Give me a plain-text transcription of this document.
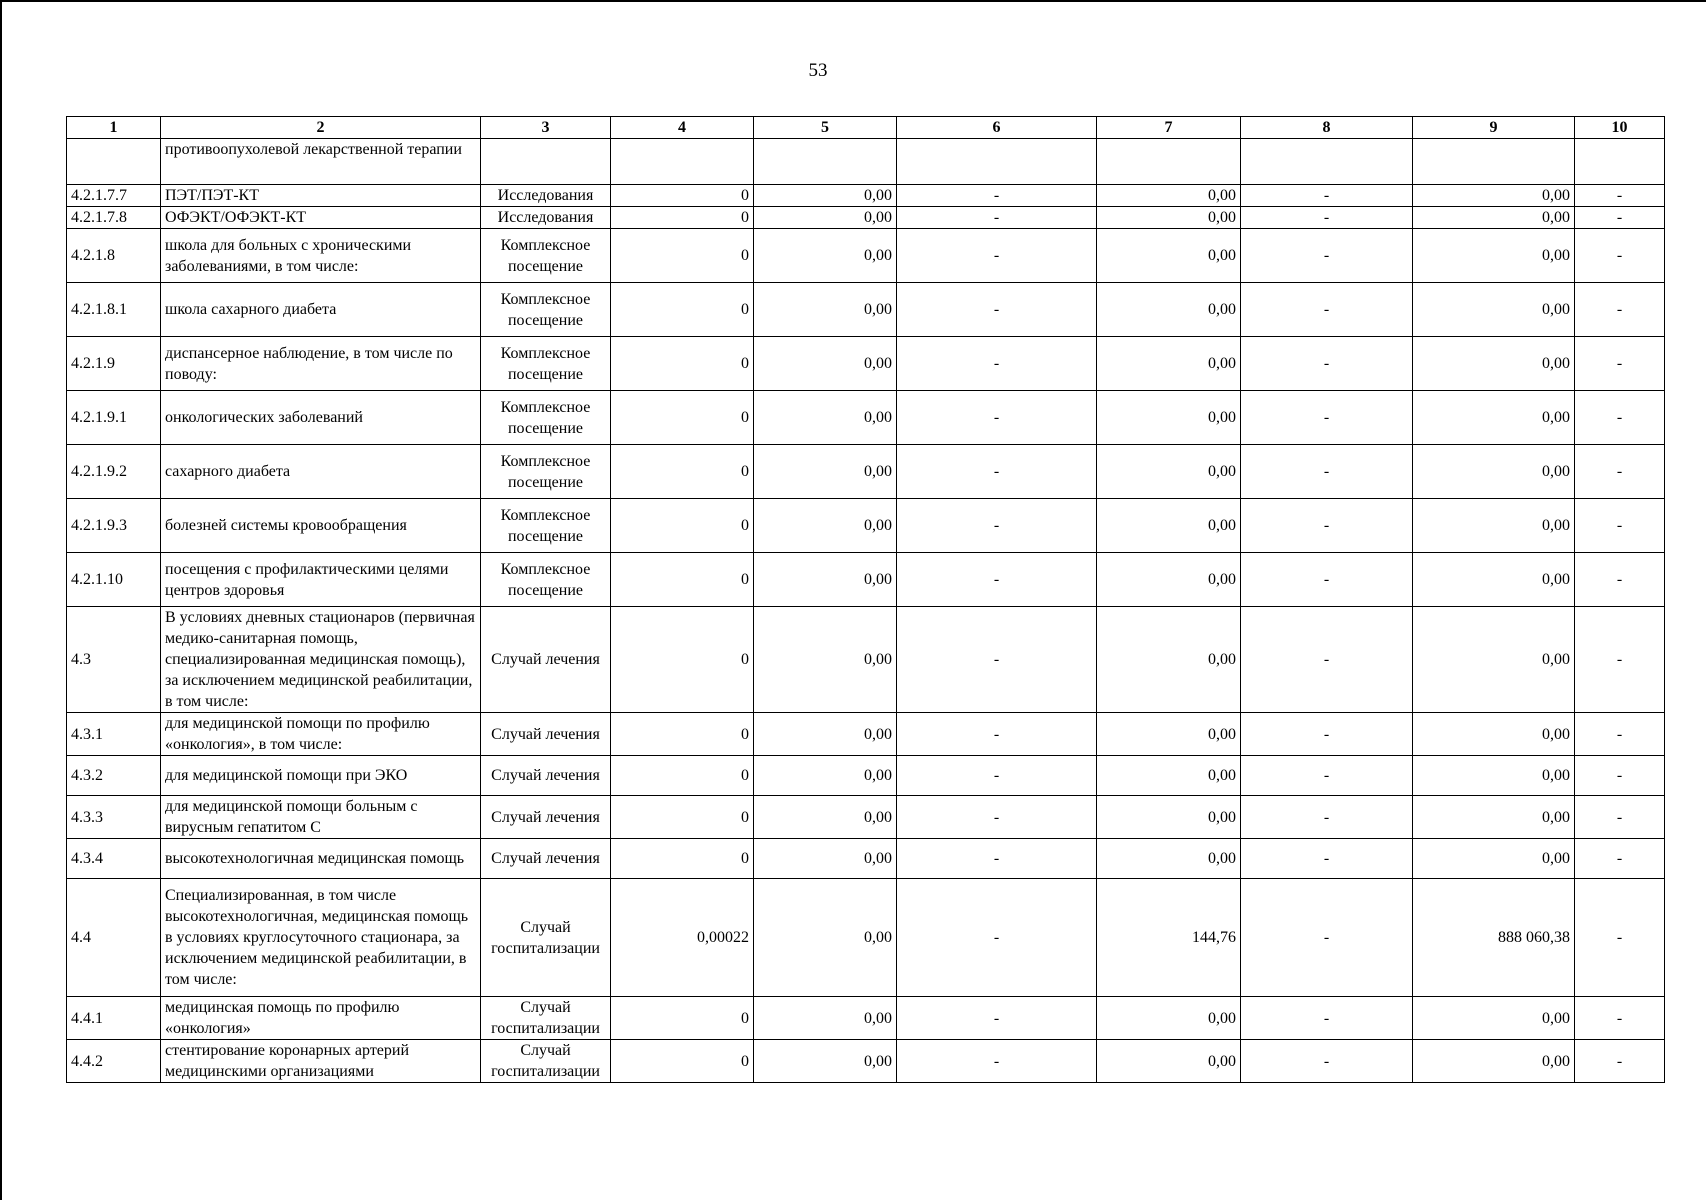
53
1	2	3	4	5	6	7	8	9	10
	противоопухолевой лекарственной терапии								
4.2.1.7.7	ПЭТ/ПЭТ-КТ	Исследования	0	0,00	-	0,00	-	0,00	-
4.2.1.7.8	ОФЭКТ/ОФЭКТ-КТ	Исследования	0	0,00	-	0,00	-	0,00	-
4.2.1.8	школа для больных с хроническими заболеваниями, в том числе:	Комплексное посещение	0	0,00	-	0,00	-	0,00	-
4.2.1.8.1	школа сахарного диабета	Комплексное посещение	0	0,00	-	0,00	-	0,00	-
4.2.1.9	диспансерное наблюдение, в том числе по поводу:	Комплексное посещение	0	0,00	-	0,00	-	0,00	-
4.2.1.9.1	онкологических заболеваний	Комплексное посещение	0	0,00	-	0,00	-	0,00	-
4.2.1.9.2	сахарного диабета	Комплексное посещение	0	0,00	-	0,00	-	0,00	-
4.2.1.9.3	болезней системы кровообращения	Комплексное посещение	0	0,00	-	0,00	-	0,00	-
4.2.1.10	посещения с профилактическими целями центров здоровья	Комплексное посещение	0	0,00	-	0,00	-	0,00	-
4.3	В условиях дневных стационаров (первичная медико-санитарная помощь, специализированная медицинская помощь), за исключением медицинской реабилитации, в том числе:	Случай лечения	0	0,00	-	0,00	-	0,00	-
4.3.1	для медицинской помощи по профилю «онкология», в том числе:	Случай лечения	0	0,00	-	0,00	-	0,00	-
4.3.2	для медицинской помощи при ЭКО	Случай лечения	0	0,00	-	0,00	-	0,00	-
4.3.3	для медицинской помощи больным с вирусным гепатитом С	Случай лечения	0	0,00	-	0,00	-	0,00	-
4.3.4	высокотехнологичная медицинская помощь	Случай лечения	0	0,00	-	0,00	-	0,00	-
4.4	Специализированная, в том числе высокотехнологичная, медицинская помощь в условиях круглосуточного стационара, за исключением медицинской реабилитации, в том числе:	Случай госпитализации	0,00022	0,00	-	144,76	-	888 060,38	-
4.4.1	медицинская помощь по профилю «онкология»	Случай госпитализации	0	0,00	-	0,00	-	0,00	-
4.4.2	стентирование коронарных артерий медицинскими организациями	Случай госпитализации	0	0,00	-	0,00	-	0,00	-
